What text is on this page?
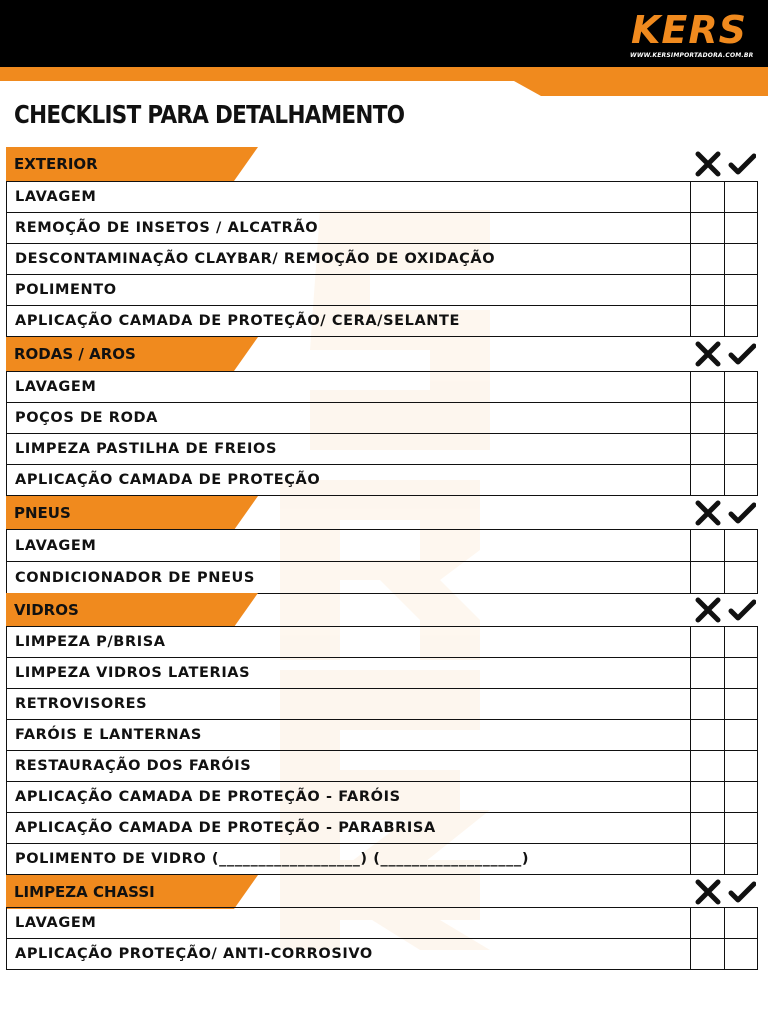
KERS
WWW.KERSIMPORTADORA.COM.BR
CHECKLIST PARA DETALHAMENTO
EXTERIOR
LAVAGEM
REMOÇÃO DE INSETOS / ALCATRÃO
DESCONTAMINAÇÃO CLAYBAR/ REMOÇÃO DE OXIDAÇÃO
POLIMENTO
APLICAÇÃO CAMADA DE PROTEÇÃO/ CERA/SELANTE
RODAS / AROS
LAVAGEM
POÇOS DE RODA
LIMPEZA PASTILHA DE FREIOS
APLICAÇÃO CAMADA DE PROTEÇÃO
PNEUS
LAVAGEM
CONDICIONADOR DE PNEUS
VIDROS
LIMPEZA P/BRISA
LIMPEZA VIDROS LATERIAS
RETROVISORES
FARÓIS E LANTERNAS
RESTAURAÇÃO DOS FARÓIS
APLICAÇÃO CAMADA DE PROTEÇÃO - FARÓIS
APLICAÇÃO CAMADA DE PROTEÇÃO - PARABRISA
POLIMENTO DE VIDRO (__________________) (__________________)
LIMPEZA CHASSI
LAVAGEM
APLICAÇÃO PROTEÇÃO/ ANTI-CORROSIVO
